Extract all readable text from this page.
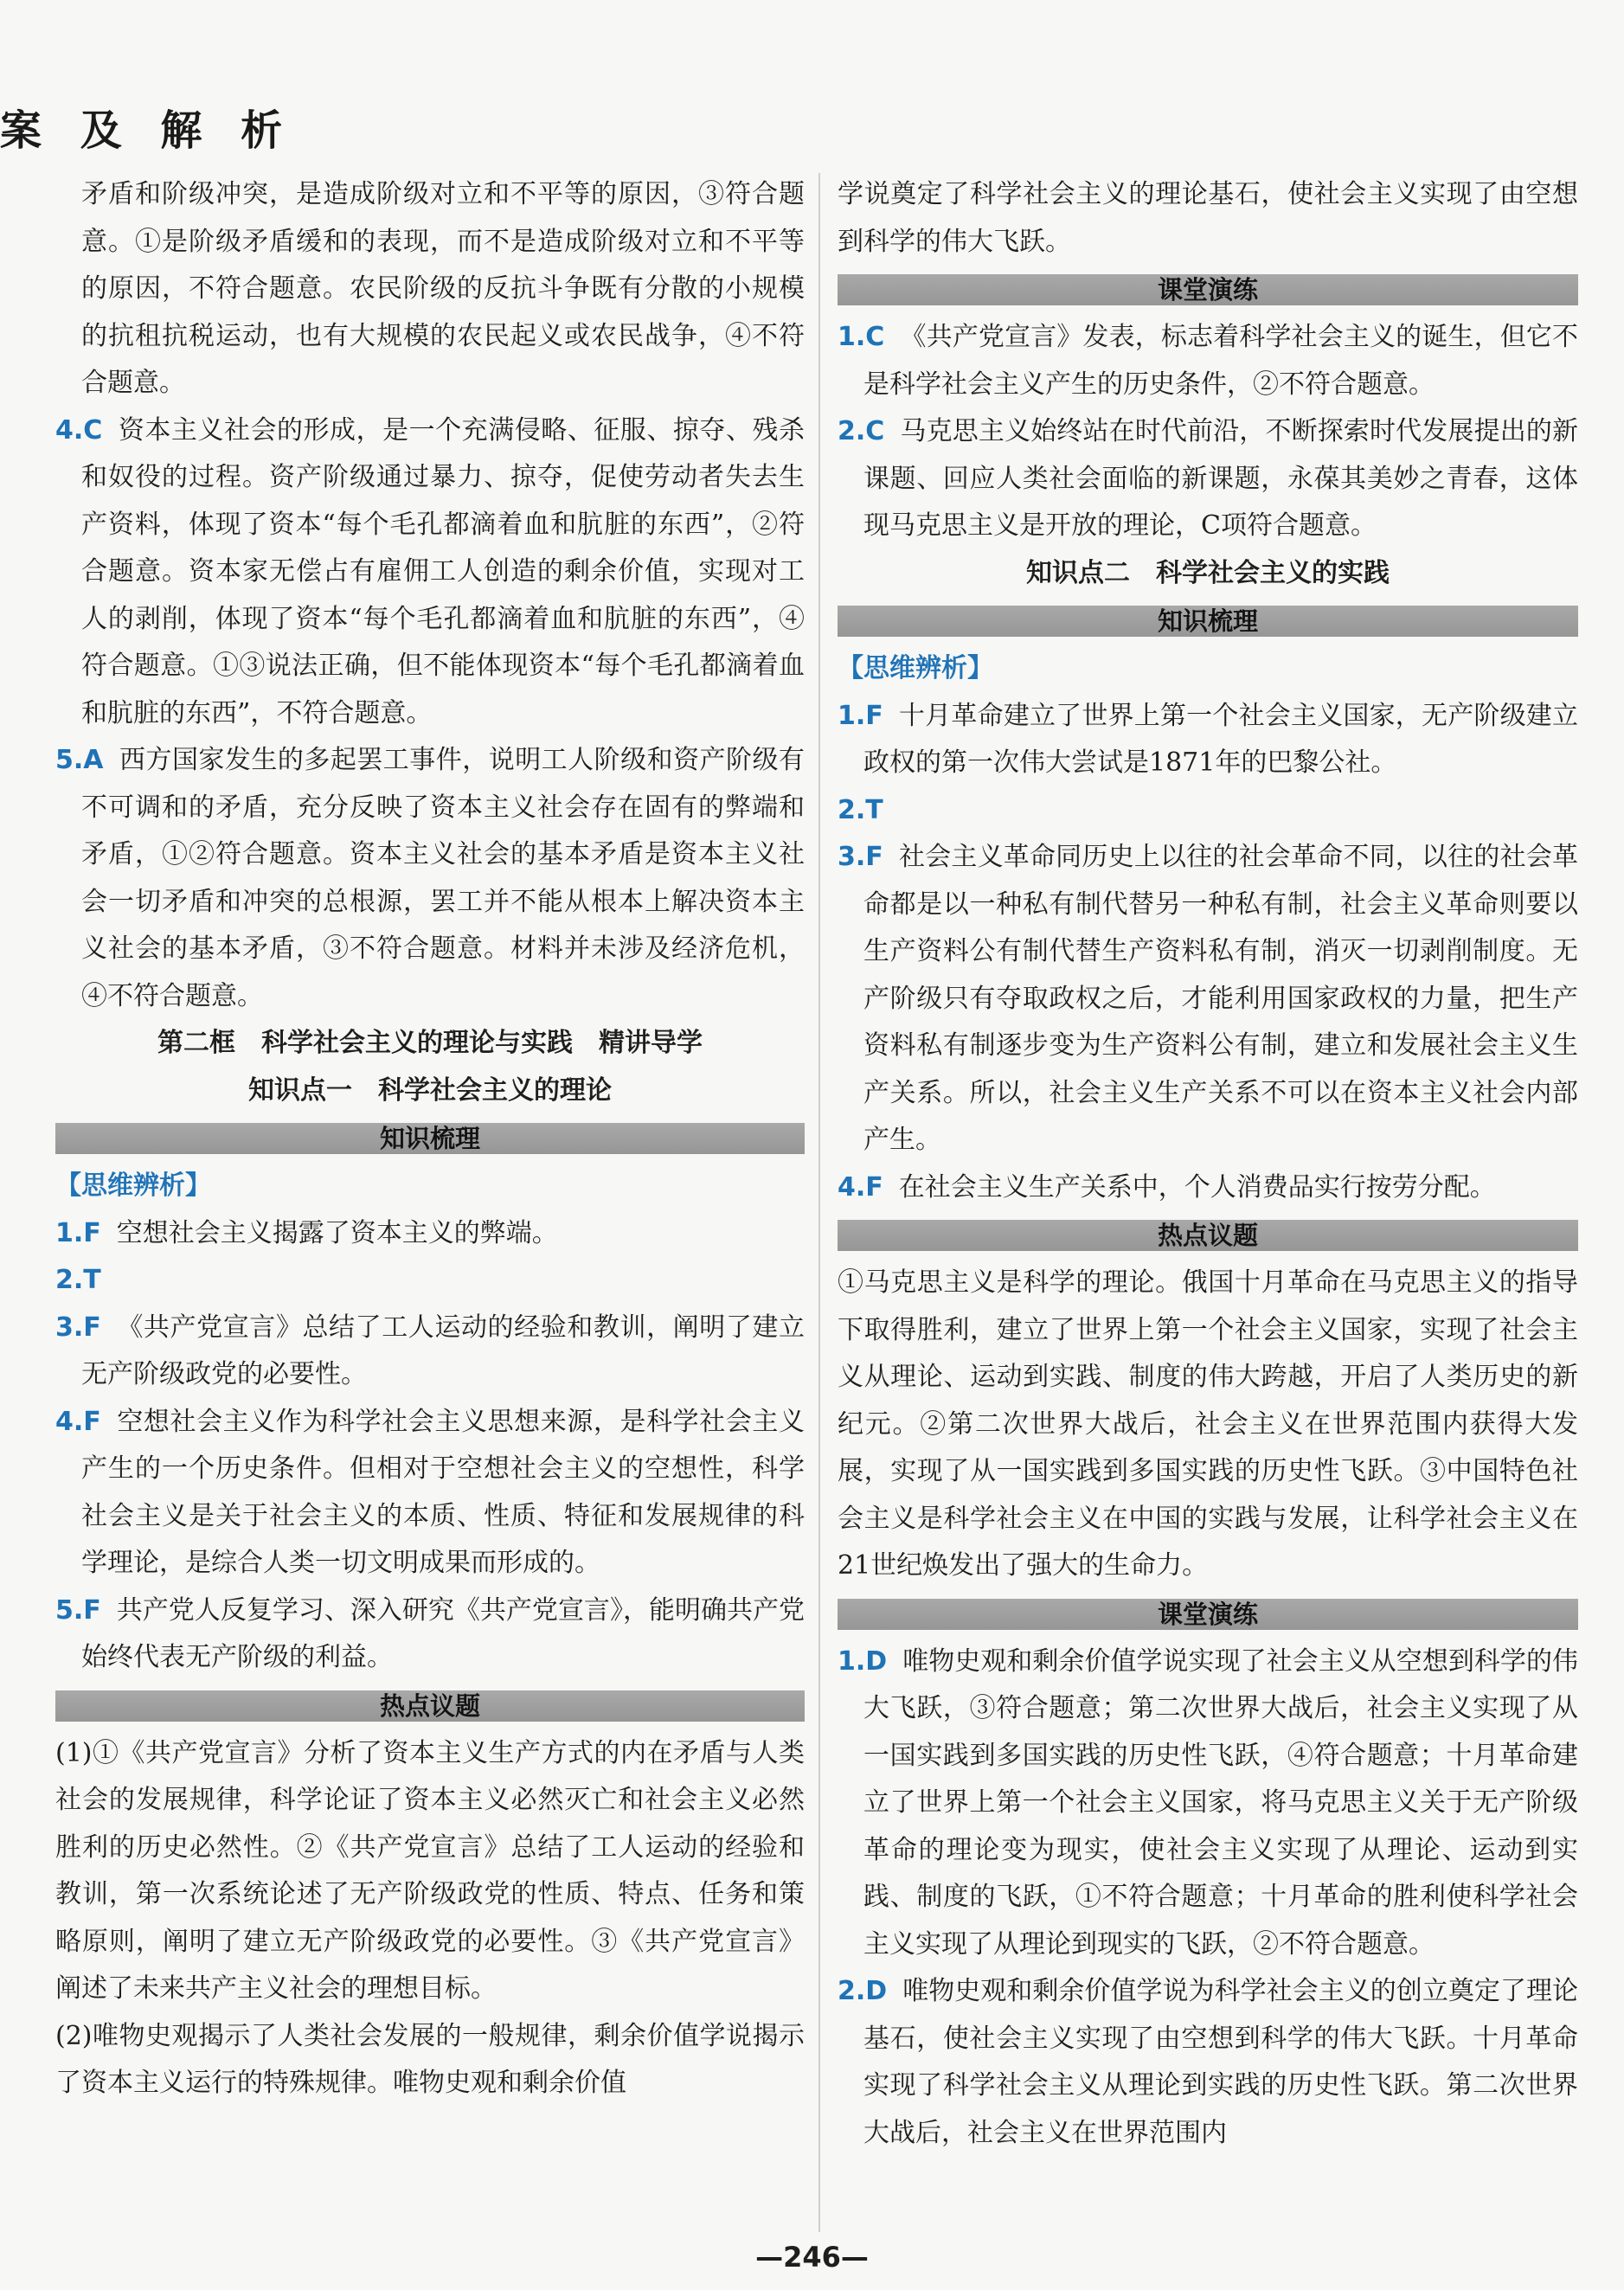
案 及 解 析

矛盾和阶级冲突，是造成阶级对立和不平等的原因，③符合题意。①是阶级矛盾缓和的表现，而不是造成阶级对立和不平等的原因，不符合题意。农民阶级的反抗斗争既有分散的小规模的抗租抗税运动，也有大规模的农民起义或农民战争，④不符合题意。

4.C 资本主义社会的形成，是一个充满侵略、征服、掠夺、残杀和奴役的过程。资产阶级通过暴力、掠夺，促使劳动者失去生产资料，体现了资本“每个毛孔都滴着血和肮脏的东西”，②符合题意。资本家无偿占有雇佣工人创造的剩余价值，实现对工人的剥削，体现了资本“每个毛孔都滴着血和肮脏的东西”，④符合题意。①③说法正确，但不能体现资本“每个毛孔都滴着血和肮脏的东西”，不符合题意。

5.A 西方国家发生的多起罢工事件，说明工人阶级和资产阶级有不可调和的矛盾，充分反映了资本主义社会存在固有的弊端和矛盾，①②符合题意。资本主义社会的基本矛盾是资本主义社会一切矛盾和冲突的总根源，罢工并不能从根本上解决资本主义社会的基本矛盾，③不符合题意。材料并未涉及经济危机，④不符合题意。

第二框　科学社会主义的理论与实践　精讲导学
知识点一　科学社会主义的理论
知识梳理
【思维辨析】

1.F 空想社会主义揭露了资本主义的弊端。

2.T

3.F 《共产党宣言》总结了工人运动的经验和教训，阐明了建立无产阶级政党的必要性。

4.F 空想社会主义作为科学社会主义思想来源，是科学社会主义产生的一个历史条件。但相对于空想社会主义的空想性，科学社会主义是关于社会主义的本质、性质、特征和发展规律的科学理论，是综合人类一切文明成果而形成的。

5.F 共产党人反复学习、深入研究《共产党宣言》，能明确共产党始终代表无产阶级的利益。

热点议题

(1)①《共产党宣言》分析了资本主义生产方式的内在矛盾与人类社会的发展规律，科学论证了资本主义必然灭亡和社会主义必然胜利的历史必然性。②《共产党宣言》总结了工人运动的经验和教训，第一次系统论述了无产阶级政党的性质、特点、任务和策略原则，阐明了建立无产阶级政党的必要性。③《共产党宣言》阐述了未来共产主义社会的理想目标。

(2)唯物史观揭示了人类社会发展的一般规律，剩余价值学说揭示了资本主义运行的特殊规律。唯物史观和剩余价值

学说奠定了科学社会主义的理论基石，使社会主义实现了由空想到科学的伟大飞跃。

课堂演练

1.C 《共产党宣言》发表，标志着科学社会主义的诞生，但它不是科学社会主义产生的历史条件，②不符合题意。

2.C 马克思主义始终站在时代前沿，不断探索时代发展提出的新课题、回应人类社会面临的新课题，永葆其美妙之青春，这体现马克思主义是开放的理论，C项符合题意。

知识点二　科学社会主义的实践
知识梳理
【思维辨析】

1.F 十月革命建立了世界上第一个社会主义国家，无产阶级建立政权的第一次伟大尝试是1871年的巴黎公社。

2.T

3.F 社会主义革命同历史上以往的社会革命不同，以往的社会革命都是以一种私有制代替另一种私有制，社会主义革命则要以生产资料公有制代替生产资料私有制，消灭一切剥削制度。无产阶级只有夺取政权之后，才能利用国家政权的力量，把生产资料私有制逐步变为生产资料公有制，建立和发展社会主义生产关系。所以，社会主义生产关系不可以在资本主义社会内部产生。

4.F 在社会主义生产关系中，个人消费品实行按劳分配。

热点议题

①马克思主义是科学的理论。俄国十月革命在马克思主义的指导下取得胜利，建立了世界上第一个社会主义国家，实现了社会主义从理论、运动到实践、制度的伟大跨越，开启了人类历史的新纪元。②第二次世界大战后，社会主义在世界范围内获得大发展，实现了从一国实践到多国实践的历史性飞跃。③中国特色社会主义是科学社会主义在中国的实践与发展，让科学社会主义在21世纪焕发出了强大的生命力。

课堂演练

1.D 唯物史观和剩余价值学说实现了社会主义从空想到科学的伟大飞跃，③符合题意；第二次世界大战后，社会主义实现了从一国实践到多国实践的历史性飞跃，④符合题意；十月革命建立了世界上第一个社会主义国家，将马克思主义关于无产阶级革命的理论变为现实，使社会主义实现了从理论、运动到实践、制度的飞跃，①不符合题意；十月革命的胜利使科学社会主义实现了从理论到现实的飞跃，②不符合题意。

2.D 唯物史观和剩余价值学说为科学社会主义的创立奠定了理论基石，使社会主义实现了由空想到科学的伟大飞跃。十月革命实现了科学社会主义从理论到实践的历史性飞跃。第二次世界大战后，社会主义在世界范围内

—246—
